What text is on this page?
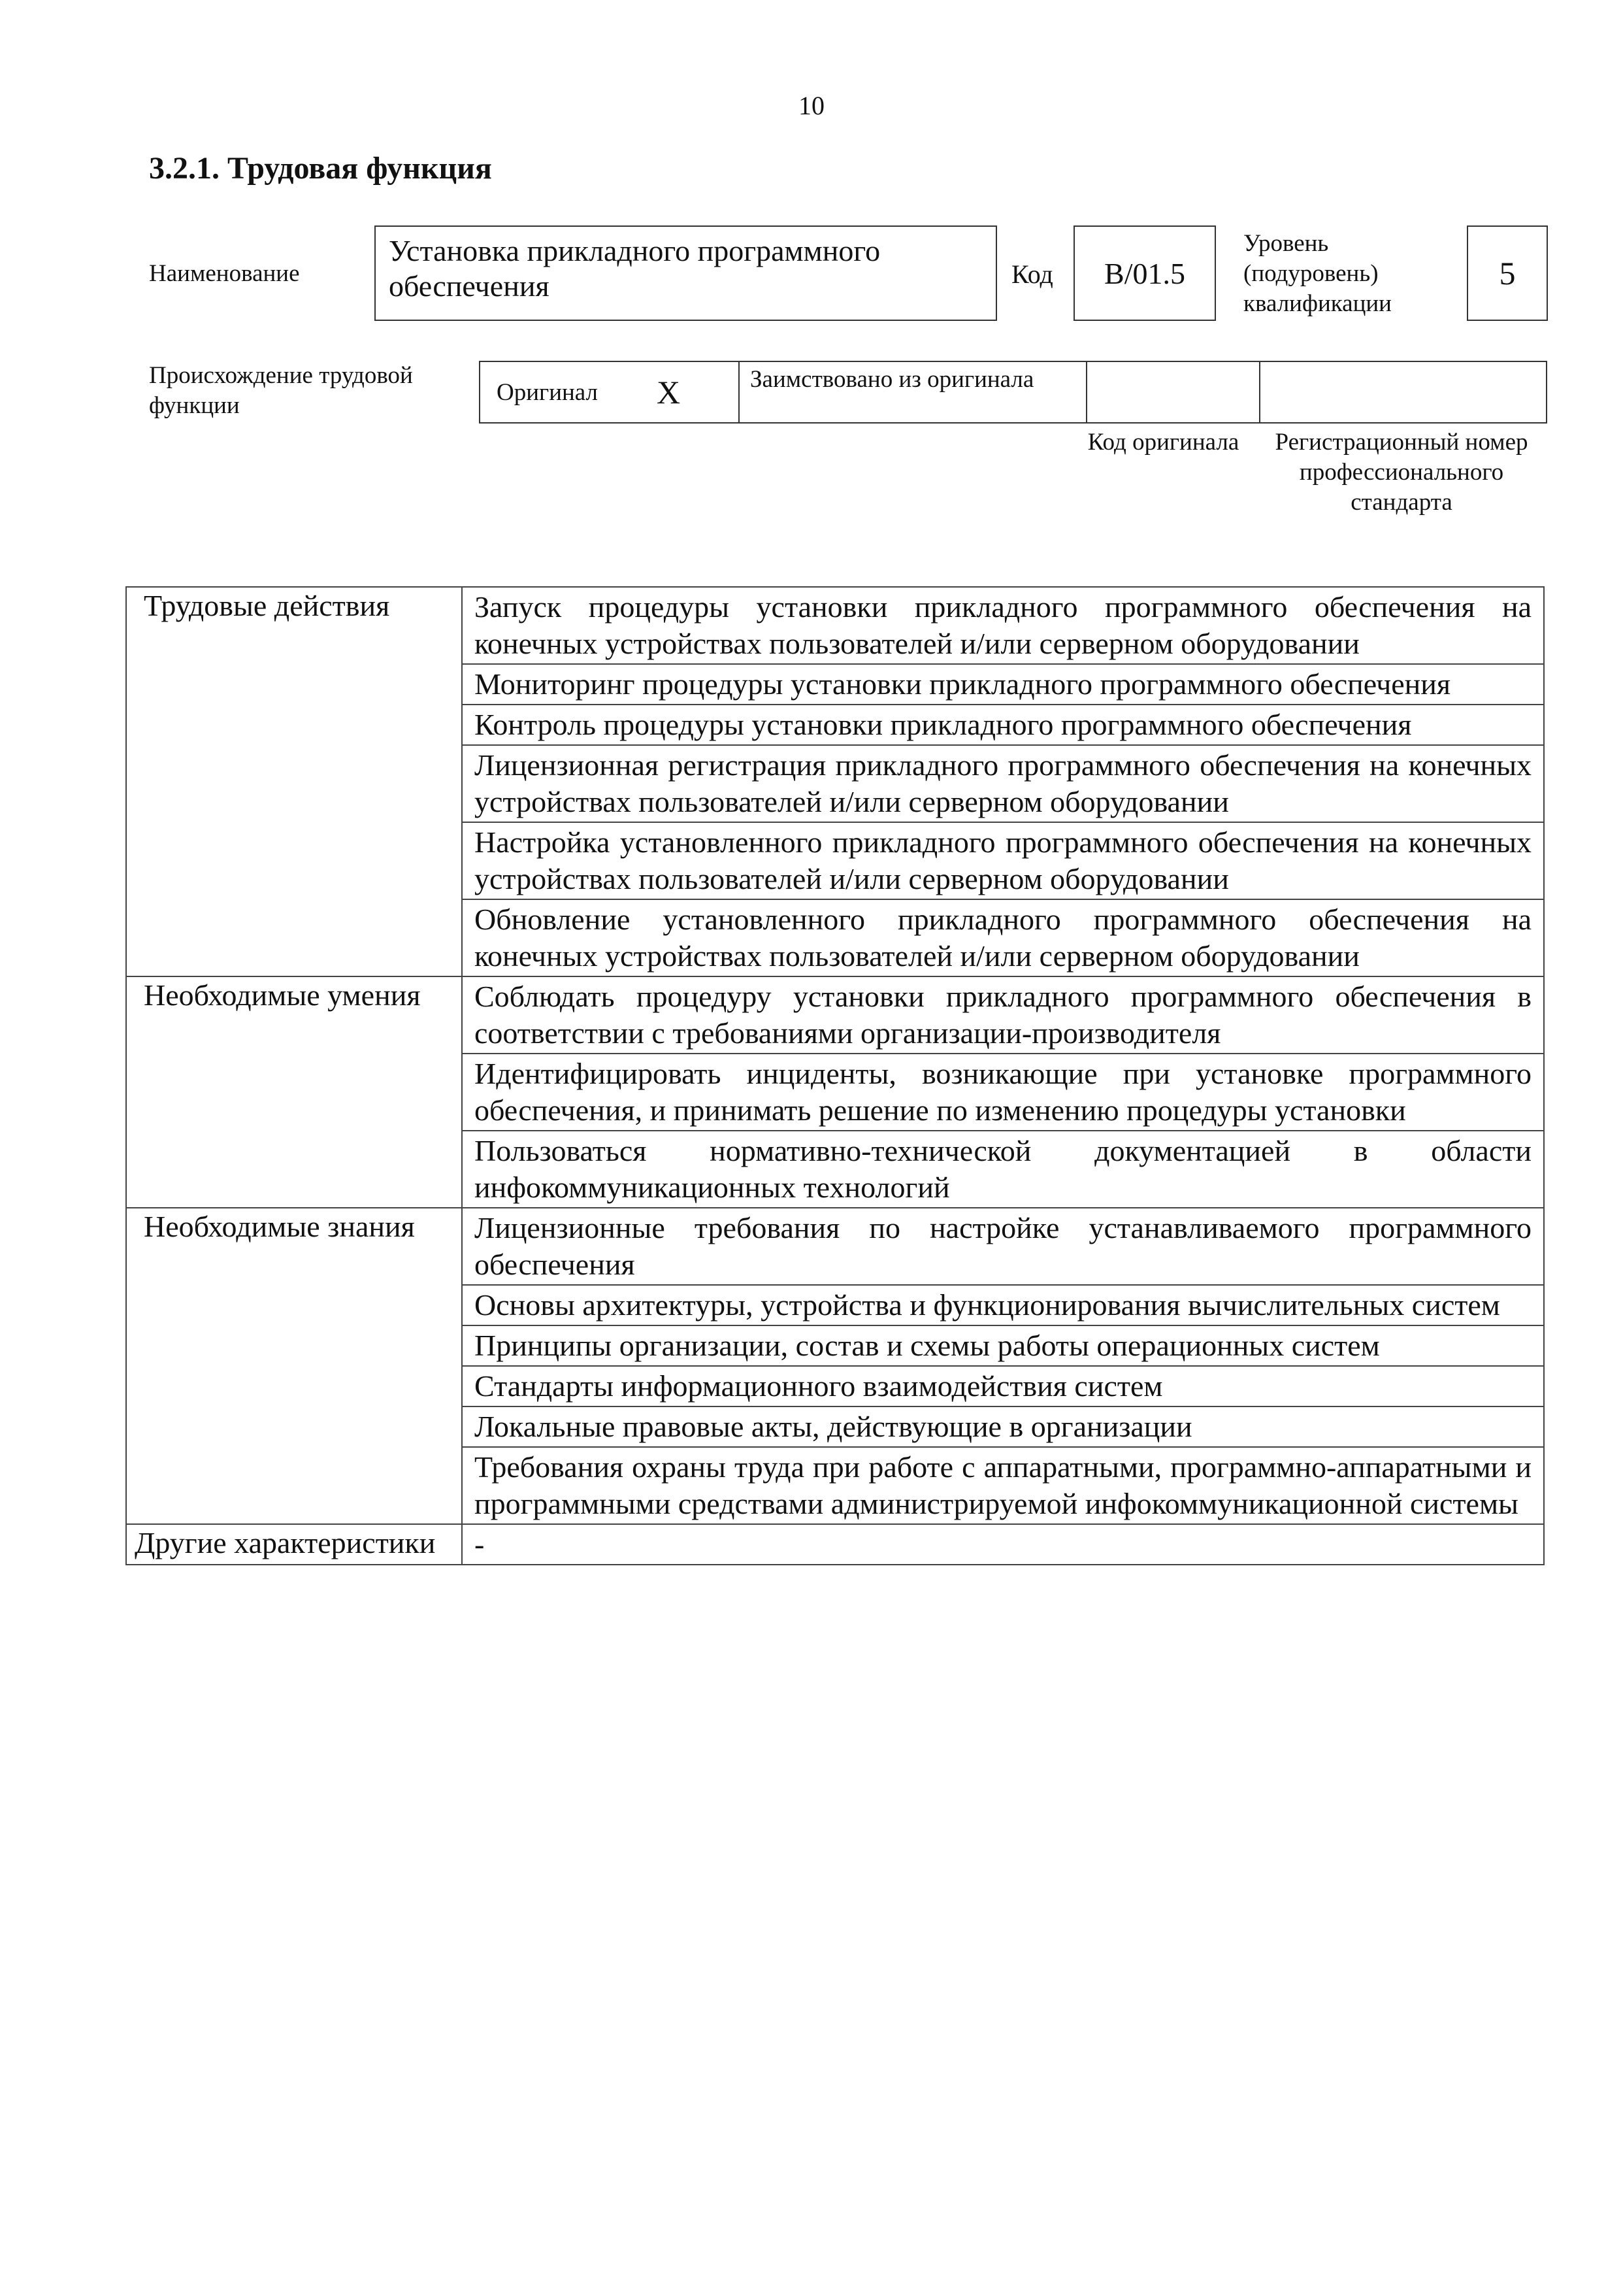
10
3.2.1. Трудовая функция
Наименование
Установка прикладного программного обеспечения	Код	B/01.5
Уровень (подуровень) квалификации
5
Происхождение трудовой функции	Оригинал X	Заимствовано из оригинала
Код оригинала	Регистрационный номер профессионального стандарта
Трудовые действия	Запуск процедуры установки прикладного программного обеспечения на конечных устройствах пользователей и/или серверном оборудовании
	Мониторинг процедуры установки прикладного программного обеспечения
	Контроль процедуры установки прикладного программного обеспечения
	Лицензионная регистрация прикладного программного обеспечения на конечных устройствах пользователей и/или серверном оборудовании
	Настройка установленного прикладного программного обеспечения на конечных устройствах пользователей и/или серверном оборудовании
	Обновление установленного прикладного программного обеспечения на конечных устройствах пользователей и/или серверном оборудовании
Необходимые умения	Соблюдать процедуру установки прикладного программного обеспечения в соответствии с требованиями организации-производителя
	Идентифицировать инциденты, возникающие при установке программного обеспечения, и принимать решение по изменению процедуры установки
	Пользоваться нормативно-технической документацией в области инфокоммуникационных технологий
Необходимые знания	Лицензионные требования по настройке устанавливаемого программного обеспечения
	Основы архитектуры, устройства и функционирования вычислительных систем
	Принципы организации, состав и схемы работы операционных систем
	Стандарты информационного взаимодействия систем
	Локальные правовые акты, действующие в организации
	Требования охраны труда при работе с аппаратными, программно-аппаратными и программными средствами администрируемой инфокоммуникационной системы
Другие характеристики	-
